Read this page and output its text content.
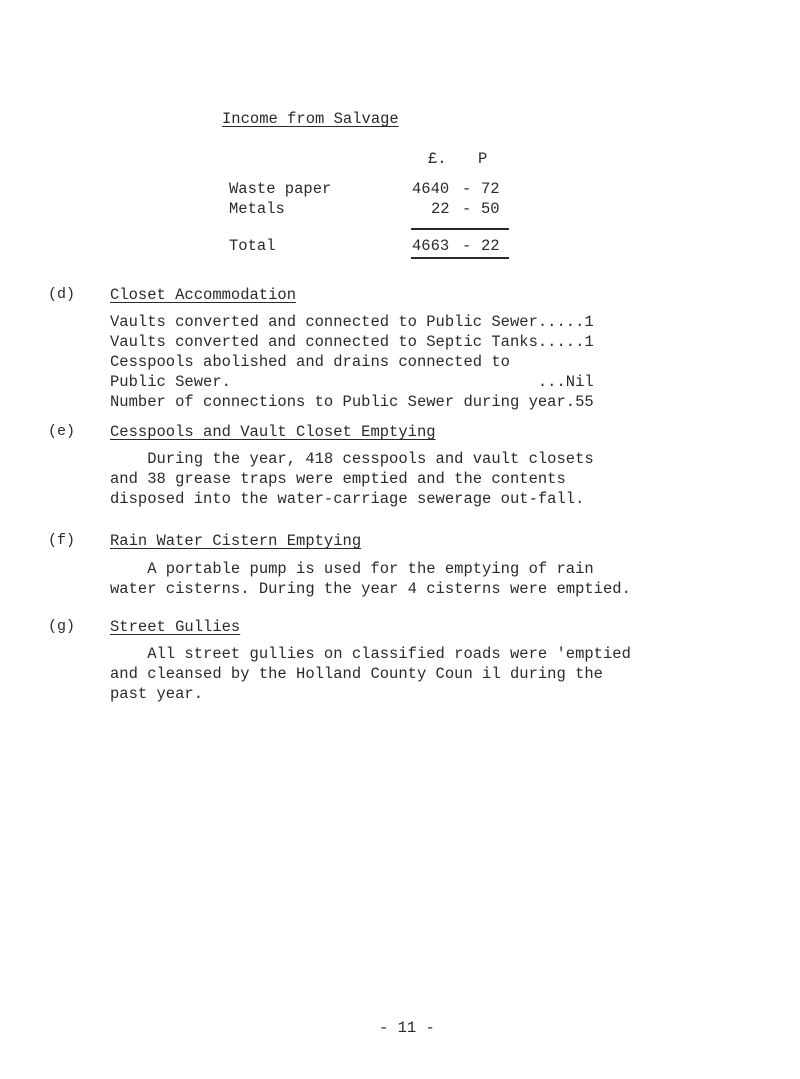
Income from Salvage
£. P
Waste paper	4640 - 72
Metals	22 - 50
Total	4663 - 22
(d) Closet Accommodation
Vaults converted and connected to Public Sewer.....1
Vaults converted and connected to Septic Tanks.....1
Cesspools abolished and drains connected to
Public Sewer.                                 ...Nil
Number of connections to Public Sewer during year.55
(e) Cesspools and Vault Closet Emptying
During the year, 418 cesspools and vault closets
and 38 grease traps were emptied and the contents
disposed into the water-carriage sewerage out-fall.
(f) Rain Water Cistern Emptying
A portable pump is used for the emptying of rain
water cisterns. During the year 4 cisterns were emptied.
(g) Street Gullies
All street gullies on classified roads were 'emptied
and cleansed by the Holland County Coun il during the
past year.
- 11 -
